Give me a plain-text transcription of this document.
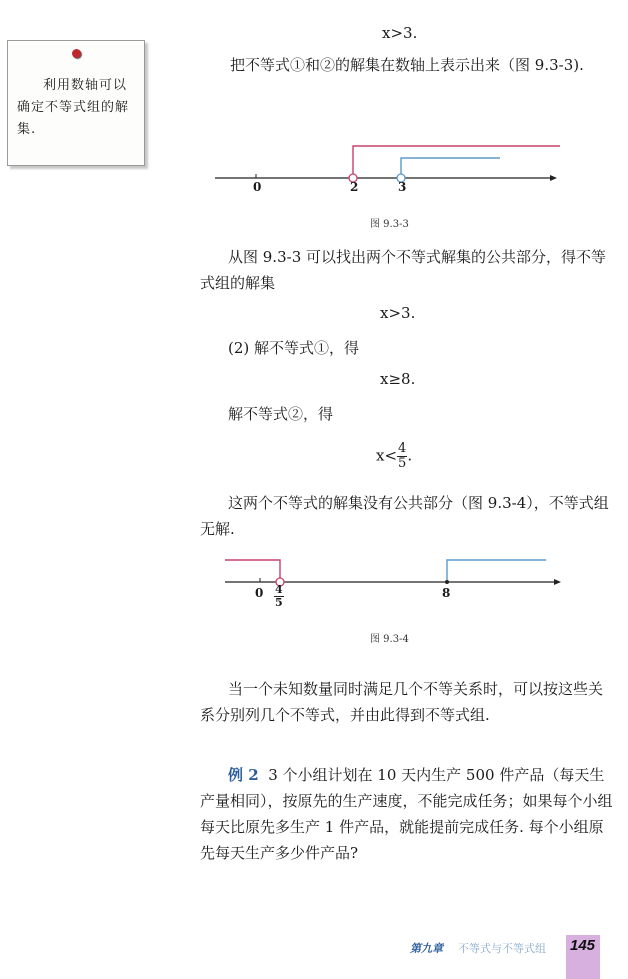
利用数轴可以确定不等式组的解集.
x>3.
把不等式①和②的解集在数轴上表示出来（图 9.3-3).
0	2	3
图 9.3-3
从图 9.3-3 可以找出两个不等式解集的公共部分，得不等式组的解集
x>3.
(2) 解不等式①，得
x≥8.
解不等式②，得
$x< \frac{4}{5}$ .
这两个不等式的解集没有公共部分（图 9.3-4），不等式组无解.
$0 \frac{4}{5}$	8
图 9.3-4
当一个未知数量同时满足几个不等关系时，可以按这些关系分别列几个不等式，并由此得到不等式组.
例 2 3 个小组计划在 10 天内生产 500 件产品（每天生产量相同），按原先的生产速度，不能完成任务；如果每个小组每天比原先多生产 1 件产品，就能提前完成任务. 每个小组原先每天生产多少件产品?
第九章 不等式与不等式组 145
